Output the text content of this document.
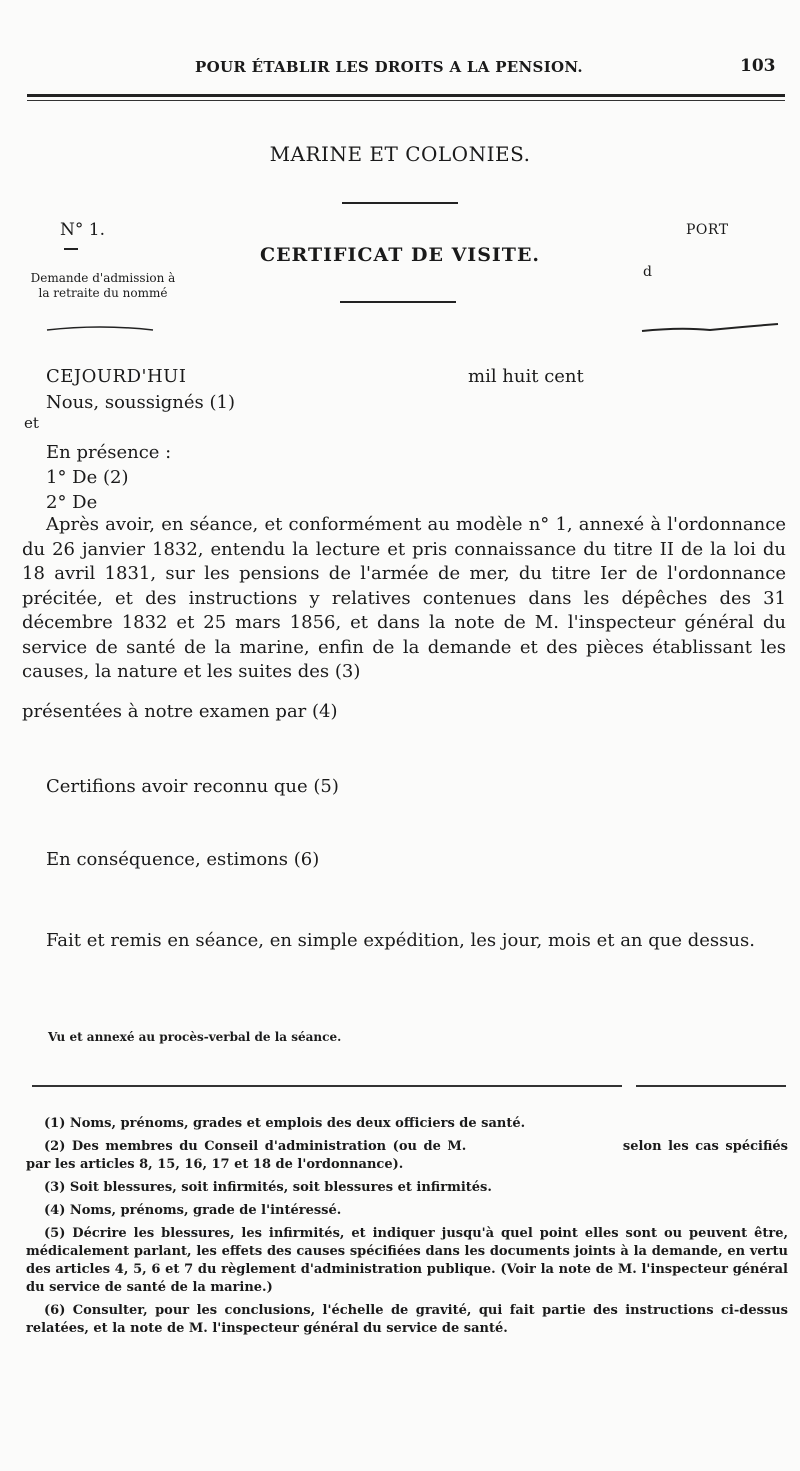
POUR ÉTABLIR LES DROITS A LA PENSION.	103
MARINE ET COLONIES.
N° 1.
Demande d'admission à la retraite du nommé
CERTIFICAT DE VISITE.
PORT
d
CEJOURD'HUI	mil huit cent
Nous, soussignés (1)
et
En présence :
1° De (2)
2° De
Après avoir, en séance, et conformément au modèle n° 1, annexé à l'ordonnance du 26 janvier 1832, entendu la lecture et pris connaissance du titre II de la loi du 18 avril 1831, sur les pensions de l'armée de mer, du titre Ier de l'ordonnance précitée, et des instructions y relatives contenues dans les dépêches des 31 décembre 1832 et 25 mars 1856, et dans la note de M. l'inspecteur général du service de santé de la marine, enfin de la demande et des pièces établissant les causes, la nature et les suites des (3)
présentées à notre examen par (4)
Certifions avoir reconnu que (5)
En conséquence, estimons (6)
Fait et remis en séance, en simple expédition, les jour, mois et an que dessus.
Vu et annexé au procès-verbal de la séance.
(1) Noms, prénoms, grades et emplois des deux officiers de santé.
(2) Des membres du Conseil d'administration (ou de M.	selon les cas spécifiés par les articles 8, 15, 16, 17 et 18 de l'ordonnance).
(3) Soit blessures, soit infirmités, soit blessures et infirmités.
(4) Noms, prénoms, grade de l'intéressé.
(5) Décrire les blessures, les infirmités, et indiquer jusqu'à quel point elles sont ou peuvent être, médicalement parlant, les effets des causes spécifiées dans les documents joints à la demande, en vertu des articles 4, 5, 6 et 7 du règlement d'administration publique. (Voir la note de M. l'inspecteur général du service de santé de la marine.)
(6) Consulter, pour les conclusions, l'échelle de gravité, qui fait partie des instructions ci-dessus relatées, et la note de M. l'inspecteur général du service de santé.
